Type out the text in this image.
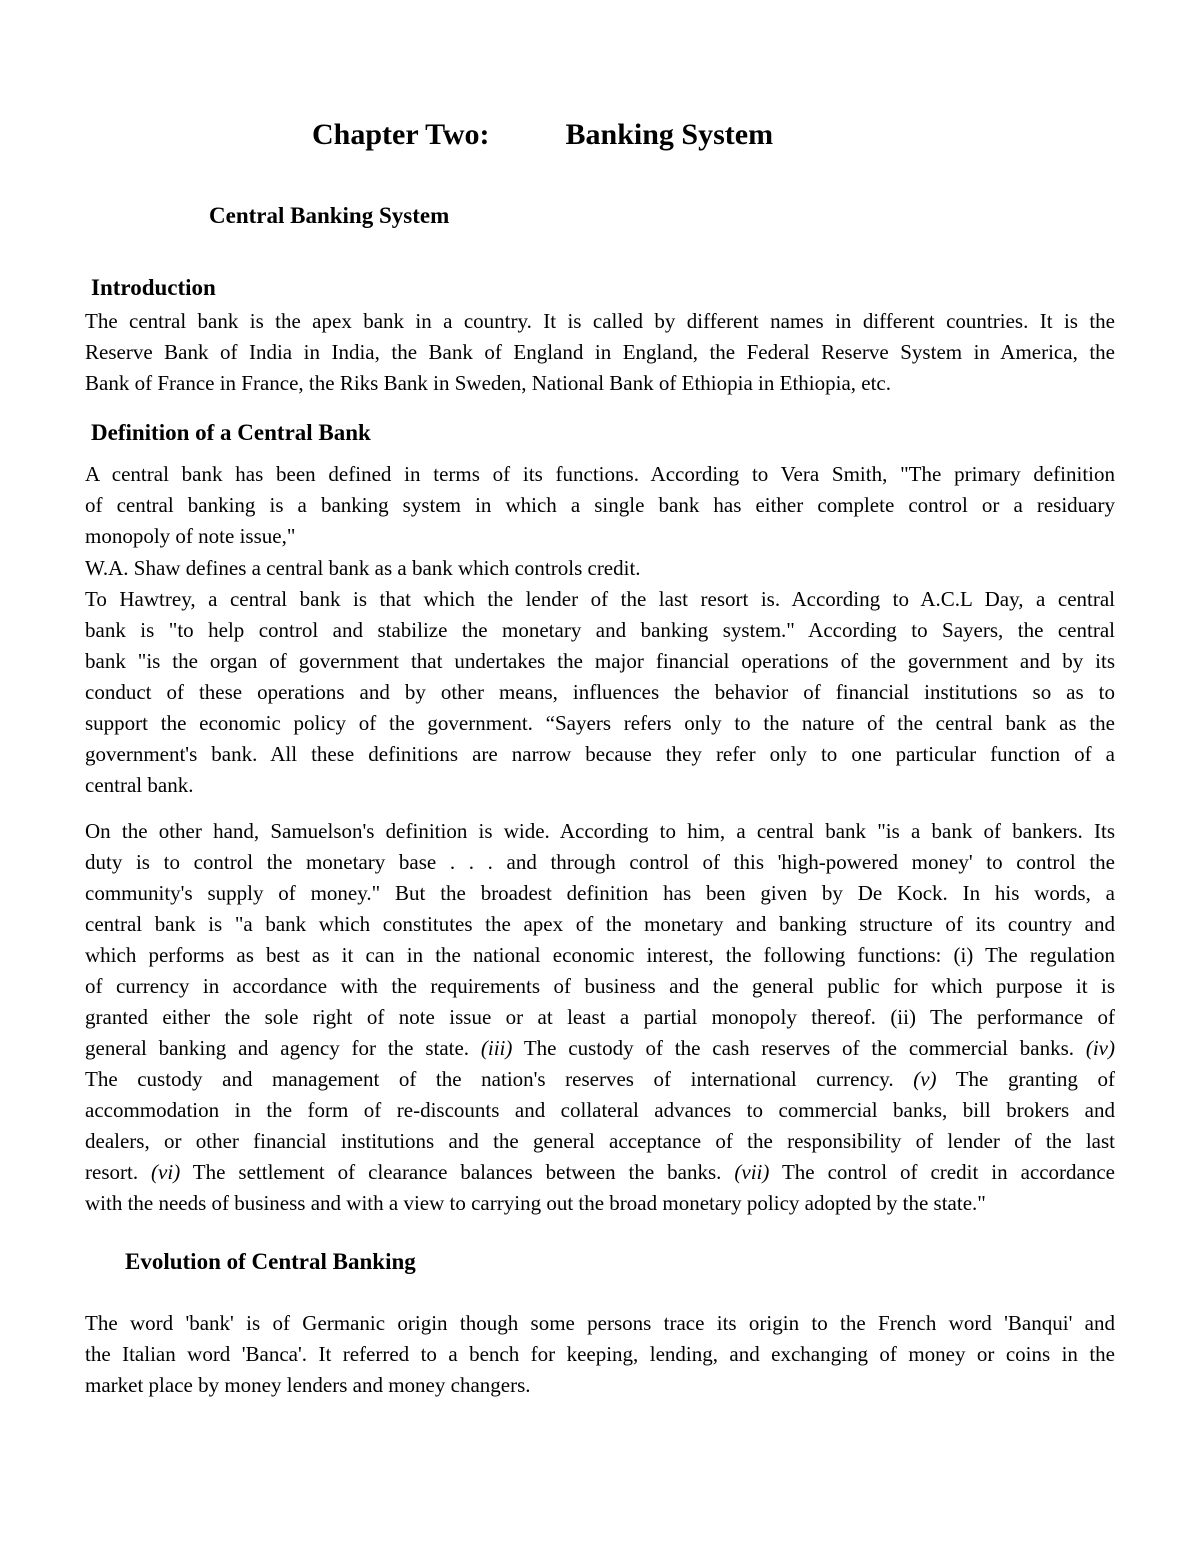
Chapter Two:	Banking System
Central Banking System
Introduction

The central bank is the apex bank in a country. It is called by different names in different countries. It is the
Reserve Bank of India in India, the Bank of England in England, the Federal Reserve System in America, the
Bank of France in France, the Riks Bank in Sweden, National Bank of Ethiopia in Ethiopia, etc.

Definition of a Central Bank

A central bank has been defined in terms of its functions. According to Vera Smith, "The primary definition
of central banking is a banking system in which a single bank has either complete control or a residuary
monopoly of note issue,"

W.A. Shaw defines a central bank as a bank which controls credit.

To Hawtrey, a central bank is that which the lender of the last resort is. According to A.C.L Day, a central
bank is "to help control and stabilize the monetary and banking system." According to Sayers, the central
bank "is the organ of government that undertakes the major financial operations of the government and by its
conduct of these operations and by other means, influences the behavior of financial institutions so as to
support the economic policy of the government. “Sayers refers only to the nature of the central bank as the
government's bank. All these definitions are narrow because they refer only to one particular function of a
central bank.

On the other hand, Samuelson's definition is wide. According to him, a central bank "is a bank of bankers. Its
duty is to control the monetary base . . . and through control of this 'high-powered money' to control the
community's supply of money." But the broadest definition has been given by De Kock. In his words, a
central bank is "a bank which constitutes the apex of the monetary and banking structure of its country and
which performs as best as it can in the national economic interest, the following functions: (i) The regulation
of currency in accordance with the requirements of business and the general public for which purpose it is
granted either the sole right of note issue or at least a partial monopoly thereof. (ii) The performance of
general banking and agency for the state. (iii) The custody of the cash reserves of the commercial banks. (iv)
The custody and management of the nation's reserves of international currency. (v) The granting of
accommodation in the form of re-discounts and collateral advances to commercial banks, bill brokers and
dealers, or other financial institutions and the general acceptance of the responsibility of lender of the last
resort. (vi) The settlement of clearance balances between the banks. (vii) The control of credit in accordance
with the needs of business and with a view to carrying out the broad monetary policy adopted by the state."

Evolution of Central Banking

The word 'bank' is of Germanic origin though some persons trace its origin to the French word 'Banqui' and
the Italian word 'Banca'. It referred to a bench for keeping, lending, and exchanging of money or coins in the
market place by money lenders and money changers.
